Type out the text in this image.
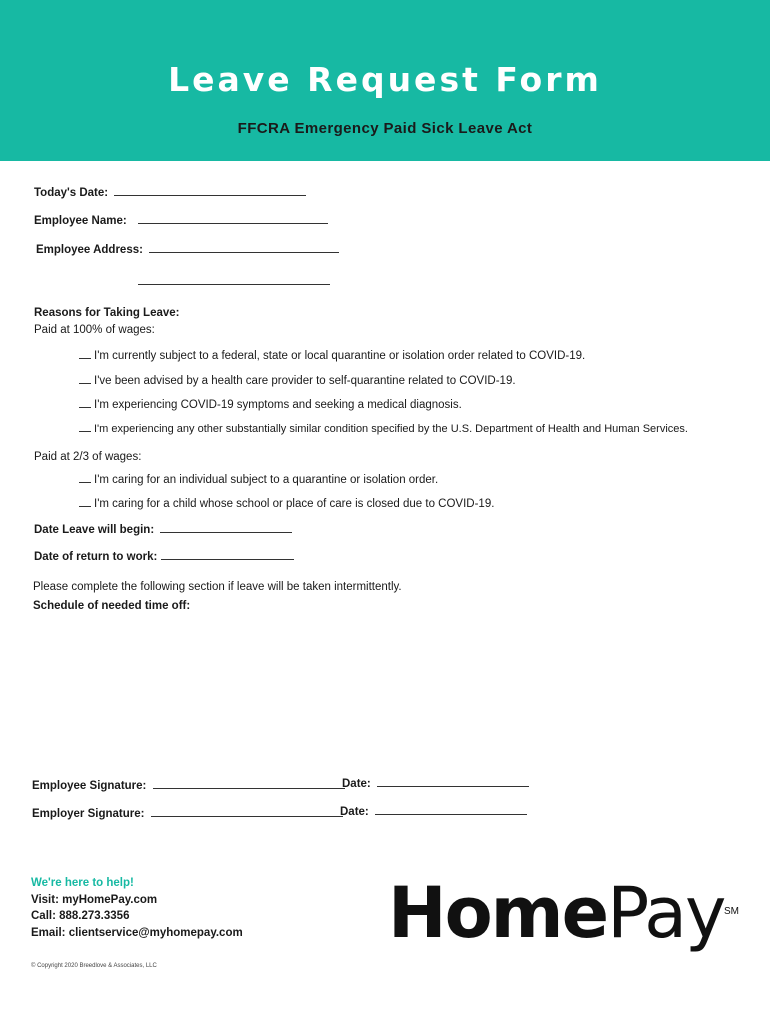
Leave Request Form
FFCRA Emergency Paid Sick Leave Act
Today's Date:
Employee Name:
Employee Address:
Reasons for Taking Leave:
Paid at 100% of wages:
I'm currently subject to a federal, state or local quarantine or isolation order related to COVID-19.
I've been advised by a health care provider to self-quarantine related to COVID-19.
I'm experiencing COVID-19 symptoms and seeking a medical diagnosis.
I'm experiencing any other substantially similar condition specified by the U.S. Department of Health and Human Services.
Paid at 2/3 of wages:
I'm caring for an individual subject to a quarantine or isolation order.
I'm caring for a child whose school or place of care is closed due to COVID-19.
Date Leave will begin:
Date of return to work:
Please complete the following section if leave will be taken intermittently.
Schedule of needed time off:
Employee Signature:	Date:
Employer Signature:	Date:
We're here to help!
Visit: myHomePay.com
Call: 888.273.3356
Email: clientservice@myhomepay.com HomePay SM
© Copyright 2020 Breedlove & Associates, LLC
